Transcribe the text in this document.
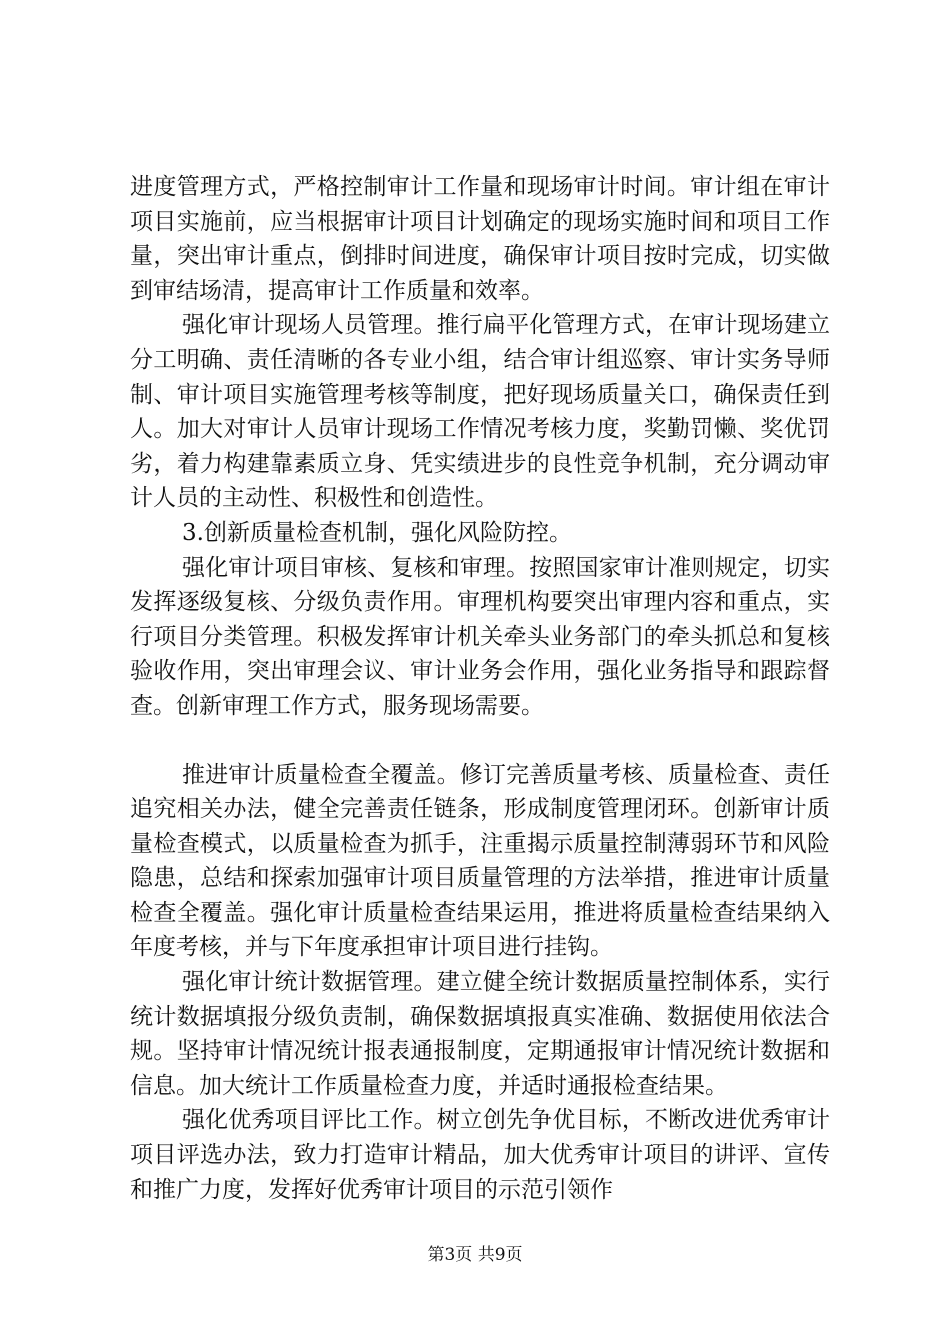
进度管理方式，严格控制审计工作量和现场审计时间。审计组在审计项目实施前，应当根据审计项目计划确定的现场实施时间和项目工作量，突出审计重点，倒排时间进度，确保审计项目按时完成，切实做到审结场清，提高审计工作质量和效率。

强化审计现场人员管理。推行扁平化管理方式，在审计现场建立分工明确、责任清晰的各专业小组，结合审计组巡察、审计实务导师制、审计项目实施管理考核等制度，把好现场质量关口，确保责任到人。加大对审计人员审计现场工作情况考核力度，奖勤罚懒、奖优罚劣，着力构建靠素质立身、凭实绩进步的良性竞争机制，充分调动审计人员的主动性、积极性和创造性。

3.创新质量检查机制，强化风险防控。

强化审计项目审核、复核和审理。按照国家审计准则规定，切实发挥逐级复核、分级负责作用。审理机构要突出审理内容和重点，实行项目分类管理。积极发挥审计机关牵头业务部门的牵头抓总和复核验收作用，突出审理会议、审计业务会作用，强化业务指导和跟踪督查。创新审理工作方式，服务现场需要。

推进审计质量检查全覆盖。修订完善质量考核、质量检查、责任追究相关办法，健全完善责任链条，形成制度管理闭环。创新审计质量检查模式，以质量检查为抓手，注重揭示质量控制薄弱环节和风险隐患，总结和探索加强审计项目质量管理的方法举措，推进审计质量检查全覆盖。强化审计质量检查结果运用，推进将质量检查结果纳入年度考核，并与下年度承担审计项目进行挂钩。

强化审计统计数据管理。建立健全统计数据质量控制体系，实行统计数据填报分级负责制，确保数据填报真实准确、数据使用依法合规。坚持审计情况统计报表通报制度，定期通报审计情况统计数据和信息。加大统计工作质量检查力度，并适时通报检查结果。

强化优秀项目评比工作。树立创先争优目标，不断改进优秀审计项目评选办法，致力打造审计精品，加大优秀审计项目的讲评、宣传和推广力度，发挥好优秀审计项目的示范引领作

第3页 共9页
